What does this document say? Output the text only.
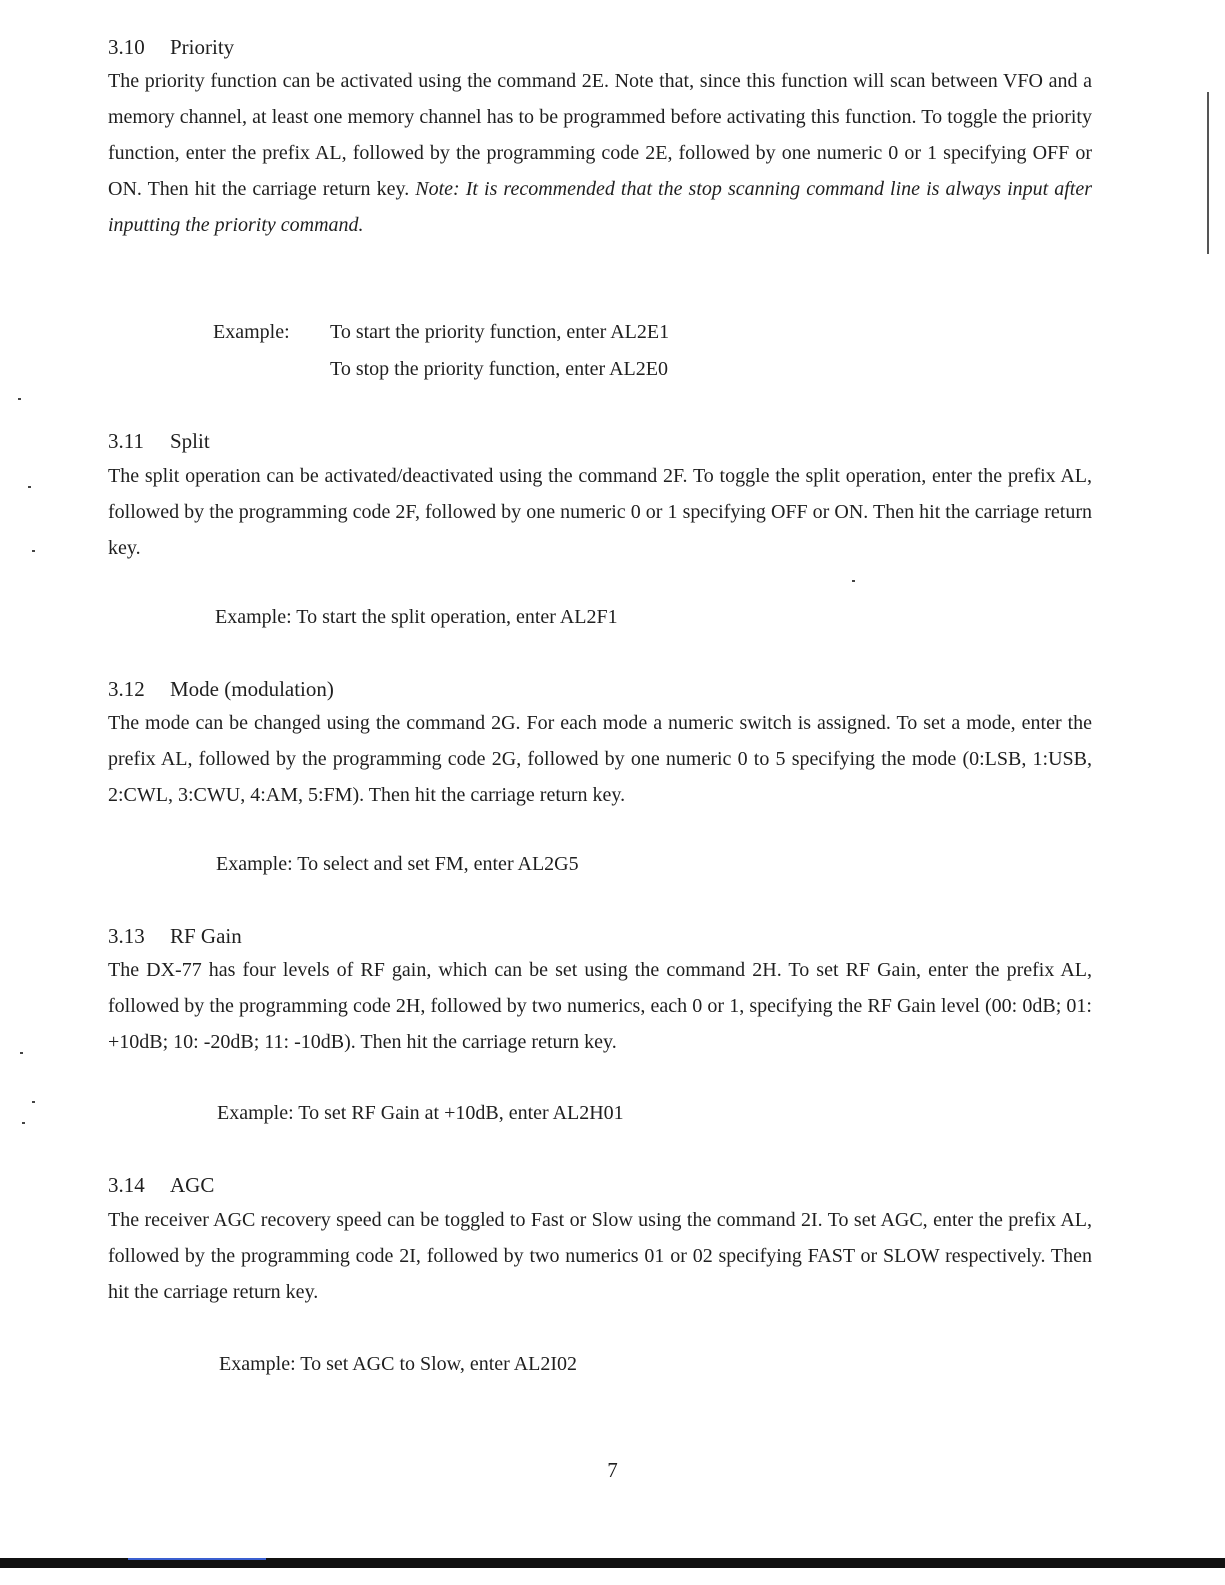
3.10 Priority

The priority function can be activated using the command 2E. Note that, since this function will scan between VFO and a memory channel, at least one memory channel has to be programmed before activating this function. To toggle the priority function, enter the prefix AL, followed by the programming code 2E, followed by one numeric 0 or 1 specifying OFF or ON. Then hit the carriage return key. Note: It is recommended that the stop scanning command line is always input after inputting the priority command.

Example: To start the priority function, enter AL2E1
To stop the priority function, enter AL2E0
3.11 Split

The split operation can be activated/deactivated using the command 2F. To toggle the split operation, enter the prefix AL, followed by the programming code 2F, followed by one numeric 0 or 1 specifying OFF or ON. Then hit the carriage return key.

Example: To start the split operation, enter AL2F1
3.12 Mode (modulation)

The mode can be changed using the command 2G. For each mode a numeric switch is assigned. To set a mode, enter the prefix AL, followed by the programming code 2G, followed by one numeric 0 to 5 specifying the mode (0:LSB, 1:USB, 2:CWL, 3:CWU, 4:AM, 5:FM). Then hit the carriage return key.

Example: To select and set FM, enter AL2G5
3.13 RF Gain

The DX-77 has four levels of RF gain, which can be set using the command 2H. To set RF Gain, enter the prefix AL, followed by the programming code 2H, followed by two numerics, each 0 or 1, specifying the RF Gain level (00: 0dB; 01: +10dB; 10: -20dB; 11: -10dB). Then hit the carriage return key.

Example: To set RF Gain at +10dB, enter AL2H01
3.14 AGC

The receiver AGC recovery speed can be toggled to Fast or Slow using the command 2I. To set AGC, enter the prefix AL, followed by the programming code 2I, followed by two numerics 01 or 02 specifying FAST or SLOW respectively. Then hit the carriage return key.

Example: To set AGC to Slow, enter AL2I02
7
